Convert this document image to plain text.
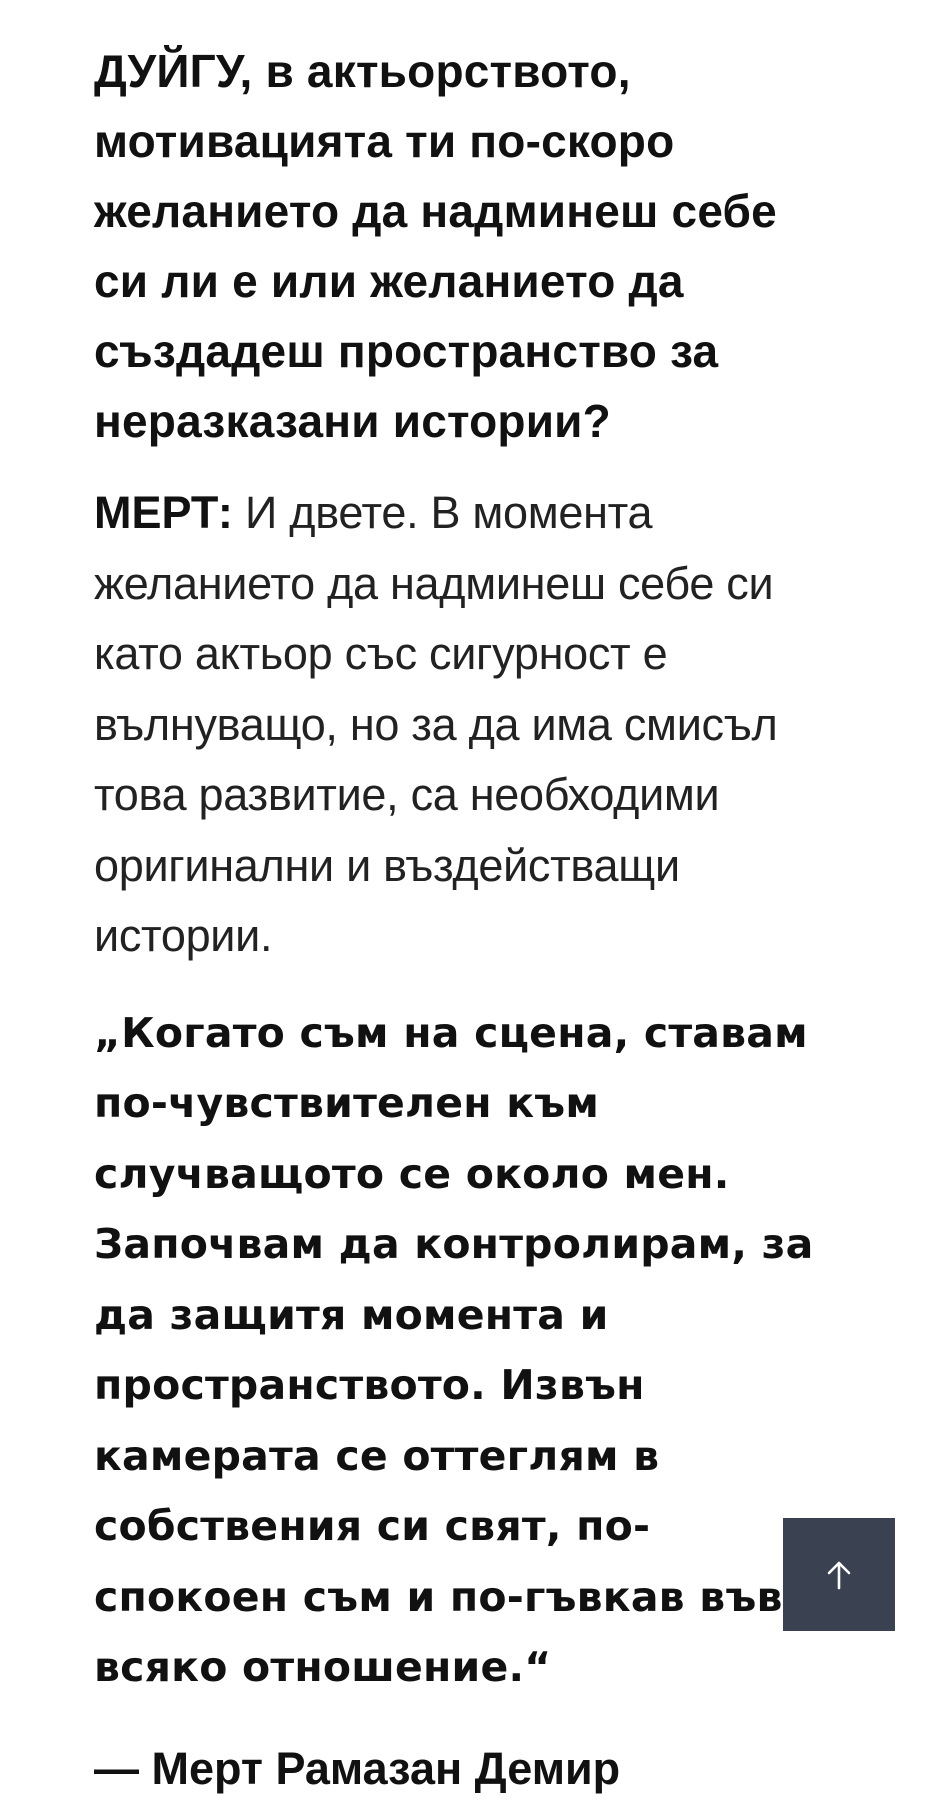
ДУЙГУ, в актьорството, мотивацията ти по-скоро желанието да надминеш себе си ли е или желанието да създадеш пространство за неразказани истории?

МЕРТ: И двете. В момента желанието да надминеш себе си като актьор със сигурност е вълнуващо, но за да има смисъл това развитие, са необходими оригинални и въздействащи истории.

„Когато съм на сцена, ставам по-чувствителен към случващото се около мен. Започвам да контролирам, за да защитя момента и пространството. Извън камерата се оттеглям в собствения си свят, по-спокоен съм и по-гъвкав във всяко отношение.“

— Мерт Рамазан Демир
